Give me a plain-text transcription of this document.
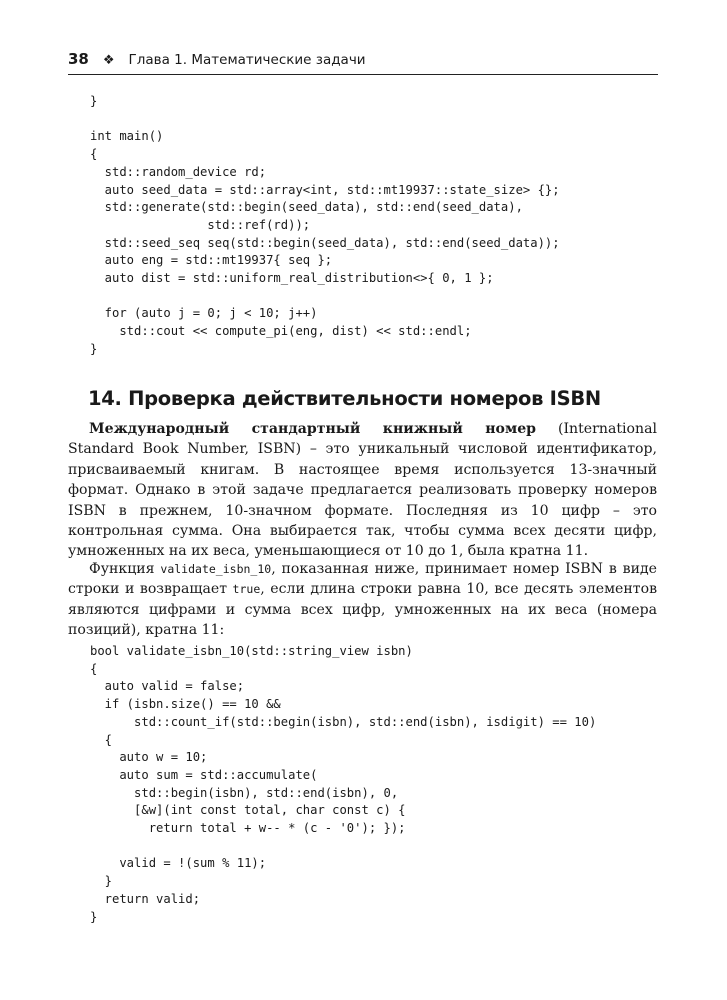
38 ❖ Глава 1. Математические задачи
}

int main()
{
std::random_device rd;
auto seed_data = std::array<int, std::mt19937::state_size> {};
std::generate(std::begin(seed_data), std::end(seed_data),
std::ref(rd));
std::seed_seq seq(std::begin(seed_data), std::end(seed_data));
auto eng = std::mt19937{ seq };
auto dist = std::uniform_real_distribution<>{ 0, 1 };

for (auto j = 0; j < 10; j++)
std::cout << compute_pi(eng, dist) << std::endl;
}
14. Проверка действительности номеров ISBN

Международный стандартный книжный номер (International Standard Book Number, ISBN) – это уникальный числовой идентификатор, присваиваемый книгам. В настоящее время используется 13-значный формат. Однако в этой задаче предлагается реализовать проверку номеров ISBN в прежнем, 10-значном формате. Последняя из 10 цифр – это контрольная сумма. Она выбирается так, чтобы сумма всех десяти цифр, умноженных на их веса, уменьшающиеся от 10 до 1, была кратна 11.

Функция validate_isbn_10, показанная ниже, принимает номер ISBN в виде строки и возвращает true, если длина строки равна 10, все десять элементов являются цифрами и сумма всех цифр, умноженных на их веса (номера позиций), кратна 11:

bool validate_isbn_10(std::string_view isbn)
{
auto valid = false;
if (isbn.size() == 10 &&
std::count_if(std::begin(isbn), std::end(isbn), isdigit) == 10)
{
auto w = 10;
auto sum = std::accumulate(
std::begin(isbn), std::end(isbn), 0,
[&w](int const total, char const c) {
return total + w-- * (c - '0'); });

valid = !(sum % 11);
}
return valid;
}
